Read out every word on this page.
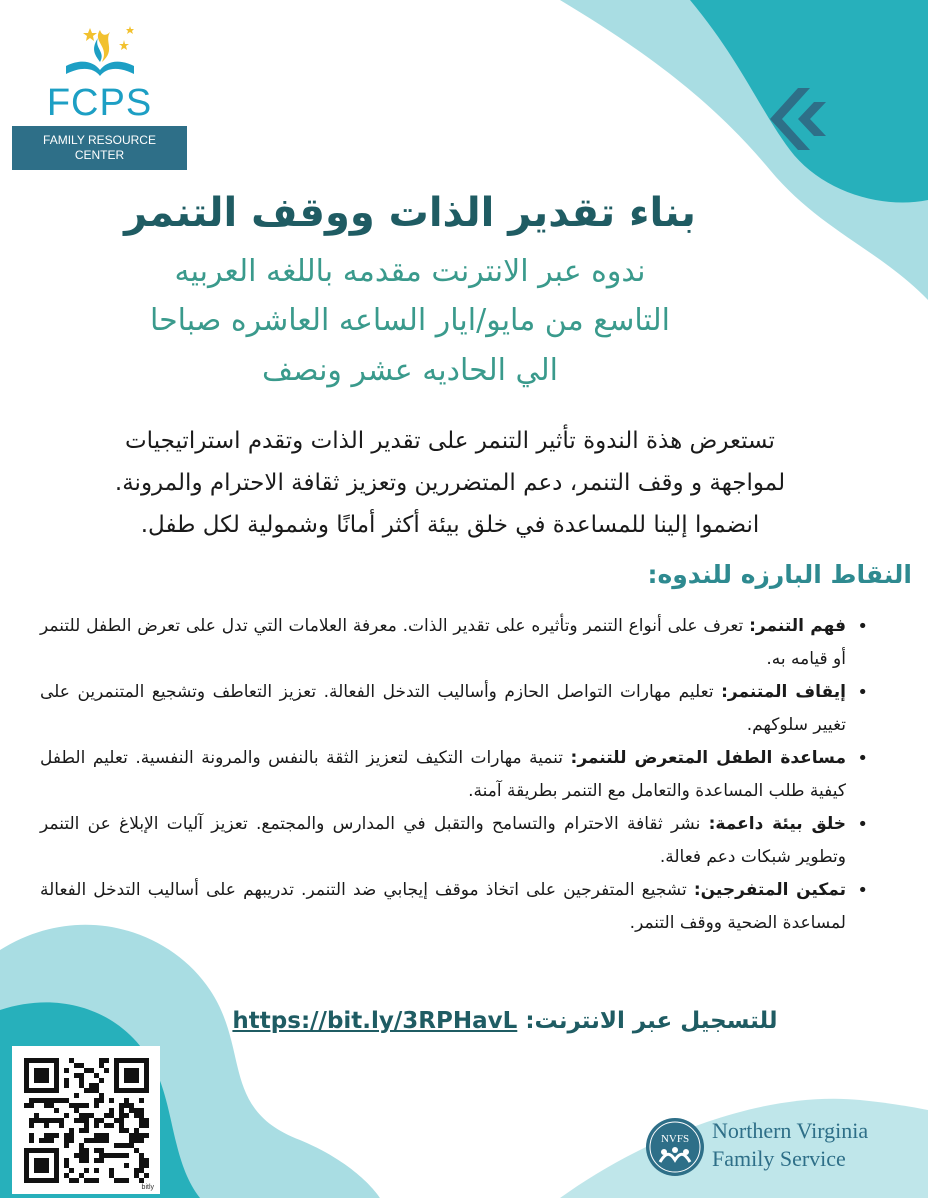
FCPS
FAMILY RESOURCE
CENTER
بناء تقدير الذات ووقف التنمر
ندوه عبر الانترنت مقدمه باللغه العربيه
التاسع من مايو/ايار الساعه العاشره صباحا
الي الحاديه عشر ونصف

تستعرض هذة الندوة تأثير التنمر على تقدير الذات وتقدم استراتيجيات

لمواجهة و وقف التنمر، دعم المتضررين وتعزيز ثقافة الاحترام والمرونة.

انضموا إلينا للمساعدة في خلق بيئة أكثر أمانًا وشمولية لكل طفل.

النقاط البارزه للندوه:
•
فهم التنمر: تعرف على أنواع التنمر وتأثيره على تقدير الذات. معرفة العلامات التي تدل على تعرض الطفل للتنمر أو قيامه به.
•
إيقاف المتنمر: تعليم مهارات التواصل الحازم وأساليب التدخل الفعالة. تعزيز التعاطف وتشجيع المتنمرين على تغيير سلوكهم.
•
مساعدة الطفل المتعرض للتنمر: تنمية مهارات التكيف لتعزيز الثقة بالنفس والمرونة النفسية. تعليم الطفل كيفية طلب المساعدة والتعامل مع التنمر بطريقة آمنة.
•
خلق بيئة داعمة: نشر ثقافة الاحترام والتسامح والتقبل في المدارس والمجتمع. تعزيز آليات الإبلاغ عن التنمر وتطوير شبكات دعم فعالة.
•
تمكين المتفرجين: تشجيع المتفرجين على اتخاذ موقف إيجابي ضد التنمر. تدريبهم على أساليب التدخل الفعالة لمساعدة الضحية ووقف التنمر.
للتسجيل عبر الانترنت: https://bit.ly/3RPHavL
bitly
NVFS Northern Virginia
Family Service
